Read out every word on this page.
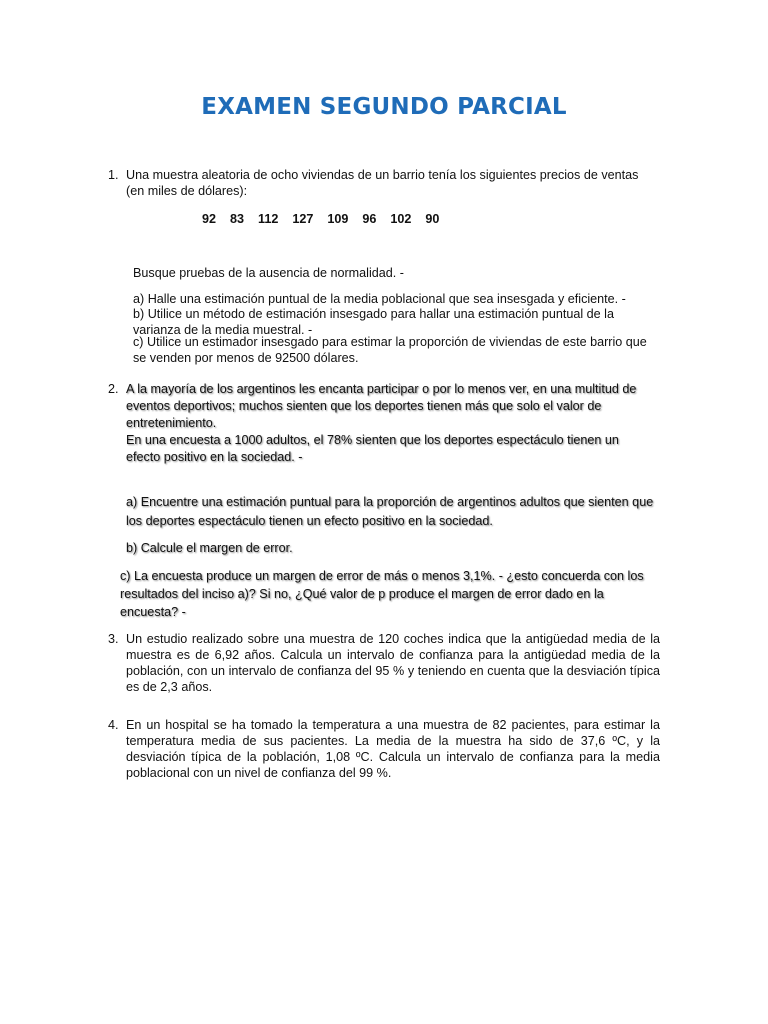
EXAMEN SEGUNDO PARCIAL
1. Una muestra aleatoria de ocho viviendas de un barrio tenía los siguientes precios de ventas (en miles de dólares):
92 83 112 127 109 96 102 90
Busque pruebas de la ausencia de normalidad. -
a) Halle una estimación puntual de la media poblacional que sea insesgada y eficiente. -
b) Utilice un método de estimación insesgado para hallar una estimación puntual de la varianza de la media muestral. -
c) Utilice un estimador insesgado para estimar la proporción de viviendas de este barrio que se venden por menos de 92500 dólares.
2. A la mayoría de los argentinos les encanta participar o por lo menos ver, en una multitud de eventos deportivos; muchos sienten que los deportes tienen más que solo el valor de entretenimiento.
En una encuesta a 1000 adultos, el 78% sienten que los deportes espectáculo tienen un efecto positivo en la sociedad. -
a) Encuentre una estimación puntual para la proporción de argentinos adultos que sienten que los deportes espectáculo tienen un efecto positivo en la sociedad.
b) Calcule el margen de error.
c) La encuesta produce un margen de error de más o menos 3,1%. - ¿esto concuerda con los resultados del inciso a)? Si no, ¿Qué valor de p produce el margen de error dado en la encuesta? -
3. Un estudio realizado sobre una muestra de 120 coches indica que la antigüedad media de la muestra es de 6,92 años. Calcula un intervalo de confianza para la antigüedad media de la población, con un intervalo de confianza del 95 % y teniendo en cuenta que la desviación típica es de 2,3 años.
4. En un hospital se ha tomado la temperatura a una muestra de 82 pacientes, para estimar la temperatura media de sus pacientes. La media de la muestra ha sido de 37,6 ºC, y la desviación típica de la población, 1,08 ºC. Calcula un intervalo de confianza para la media poblacional con un nivel de confianza del 99 %.
